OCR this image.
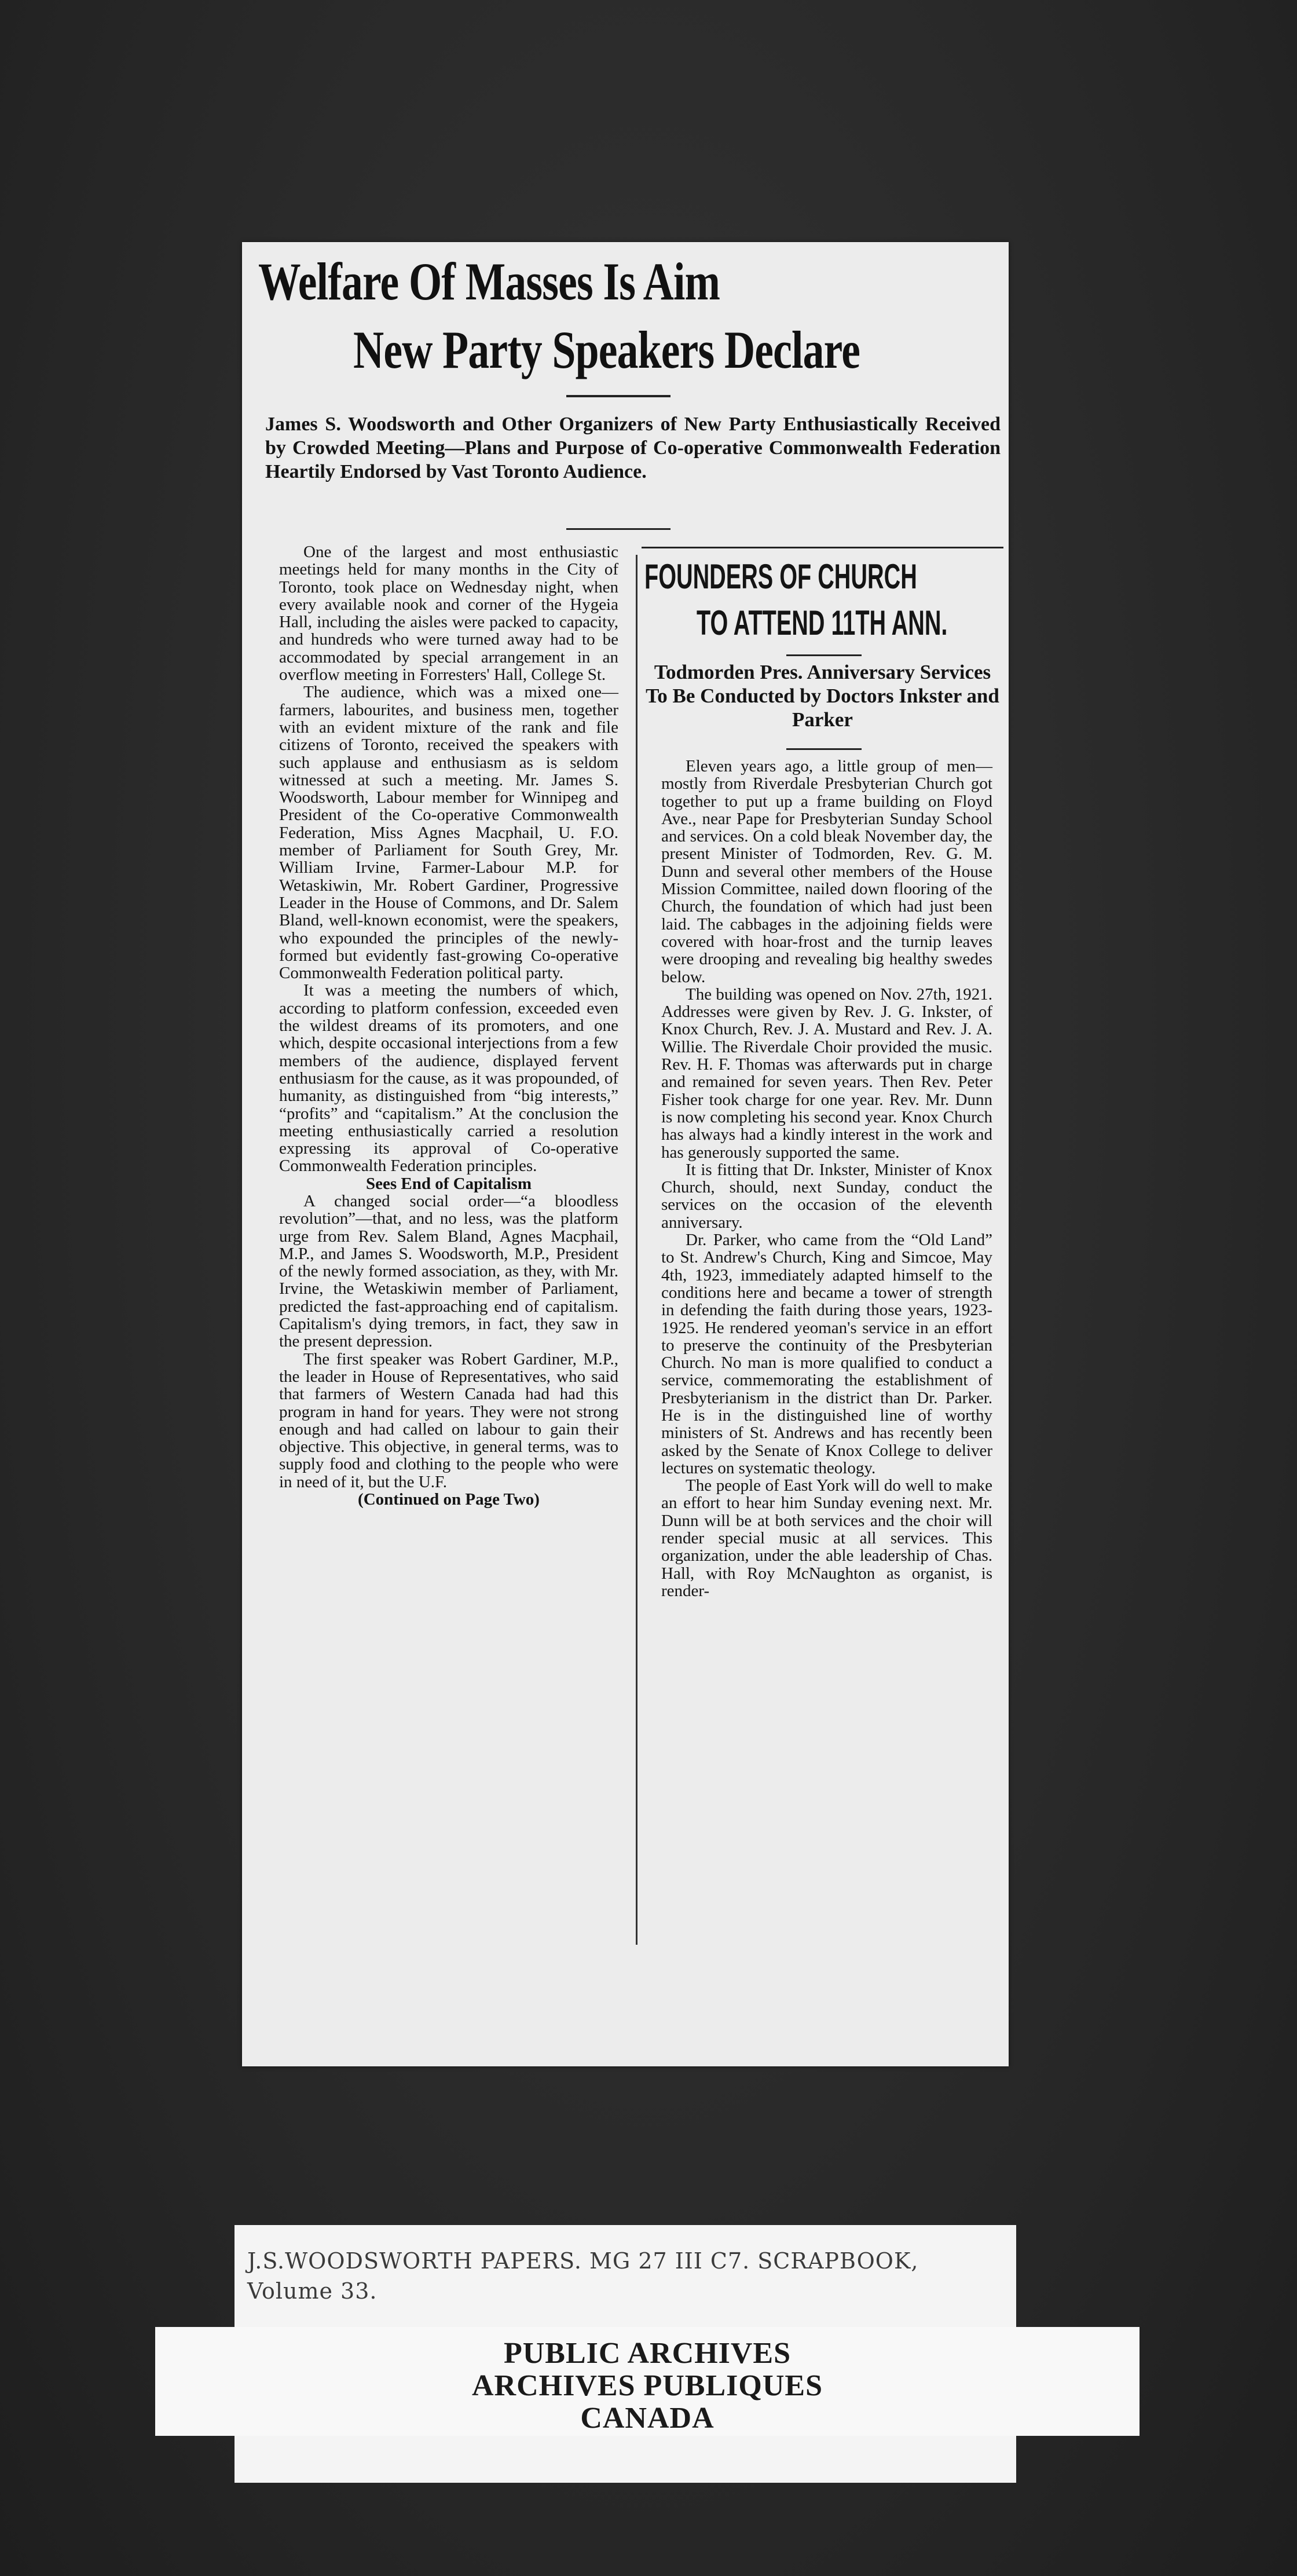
Welfare Of Masses Is Aim
New Party Speakers Declare

James S. Woodsworth and Other Organizers of New Party Enthusiastically Received by Crowded Meeting—Plans and Purpose of Co-operative Commonwealth Federation Heartily Endorsed by Vast Toronto Audience.

One of the largest and most enthusiastic meetings held for many months in the City of Toronto, took place on Wednesday night, when every available nook and corner of the Hygeia Hall, including the aisles were packed to capacity, and hundreds who were turned away had to be accommodated by special arrangement in an overflow meeting in Forresters' Hall, College St.

The audience, which was a mixed one—farmers, labourites, and business men, together with an evident mixture of the rank and file citizens of Toronto, received the speakers with such applause and enthusiasm as is seldom witnessed at such a meeting. Mr. James S. Woodsworth, Labour member for Winnipeg and President of the Co-operative Commonwealth Federation, Miss Agnes Macphail, U. F.O. member of Parliament for South Grey, Mr. William Irvine, Farmer-Labour M.P. for Wetaskiwin, Mr. Robert Gardiner, Progressive Leader in the House of Commons, and Dr. Salem Bland, well-known economist, were the speakers, who expounded the principles of the newly-formed but evidently fast-growing Co-operative Commonwealth Federation political party.

It was a meeting the numbers of which, according to platform confession, exceeded even the wildest dreams of its promoters, and one which, despite occasional interjections from a few members of the audience, displayed fervent enthusiasm for the cause, as it was propounded, of humanity, as distinguished from “big interests,” “profits” and “capitalism.” At the conclusion the meeting enthusiastically carried a resolution expressing its approval of Co-operative Commonwealth Federation principles.

Sees End of Capitalism

A changed social order—“a bloodless revolution”—that, and no less, was the platform urge from Rev. Salem Bland, Agnes Macphail, M.P., and James S. Woodsworth, M.P., President of the newly formed association, as they, with Mr. Irvine, the Wetaskiwin member of Parliament, predicted the fast-approaching end of capitalism. Capitalism's dying tremors, in fact, they saw in the present depression.

The first speaker was Robert Gardiner, M.P., the leader in House of Representatives, who said that farmers of Western Canada had had this program in hand for years. They were not strong enough and had called on labour to gain their objective. This objective, in general terms, was to supply food and clothing to the people who were in need of it, but the U.F.

(Continued on Page Two)

FOUNDERS OF CHURCH
TO ATTEND 11TH ANN.

Todmorden Pres. Anniversary Services To Be Conducted by Doctors Inkster and Parker

Eleven years ago, a little group of men—mostly from Riverdale Presbyterian Church got together to put up a frame building on Floyd Ave., near Pape for Presbyterian Sunday School and services. On a cold bleak November day, the present Minister of Todmorden, Rev. G. M. Dunn and several other members of the House Mission Committee, nailed down flooring of the Church, the foundation of which had just been laid. The cabbages in the adjoining fields were covered with hoar-frost and the turnip leaves were drooping and revealing big healthy swedes below.

The building was opened on Nov. 27th, 1921. Addresses were given by Rev. J. G. Inkster, of Knox Church, Rev. J. A. Mustard and Rev. J. A. Willie. The Riverdale Choir provided the music. Rev. H. F. Thomas was afterwards put in charge and remained for seven years. Then Rev. Peter Fisher took charge for one year. Rev. Mr. Dunn is now completing his second year. Knox Church has always had a kindly interest in the work and has generously supported the same.

It is fitting that Dr. Inkster, Minister of Knox Church, should, next Sunday, conduct the services on the occasion of the eleventh anniversary.

Dr. Parker, who came from the “Old Land” to St. Andrew's Church, King and Simcoe, May 4th, 1923, immediately adapted himself to the conditions here and became a tower of strength in defending the faith during those years, 1923-1925. He rendered yeoman's service in an effort to preserve the continuity of the Presbyterian Church. No man is more qualified to conduct a service, commemorating the establishment of Presbyterianism in the district than Dr. Parker. He is in the distinguished line of worthy ministers of St. Andrews and has recently been asked by the Senate of Knox College to deliver lectures on systematic theology.

The people of East York will do well to make an effort to hear him Sunday evening next. Mr. Dunn will be at both services and the choir will render special music at all services. This organization, under the able leadership of Chas. Hall, with Roy McNaughton as organist, is render-

J.S.WOODSWORTH PAPERS. MG 27 III C7. SCRAPBOOK, Volume 33.

PUBLIC ARCHIVES

ARCHIVES PUBLIQUES

CANADA
